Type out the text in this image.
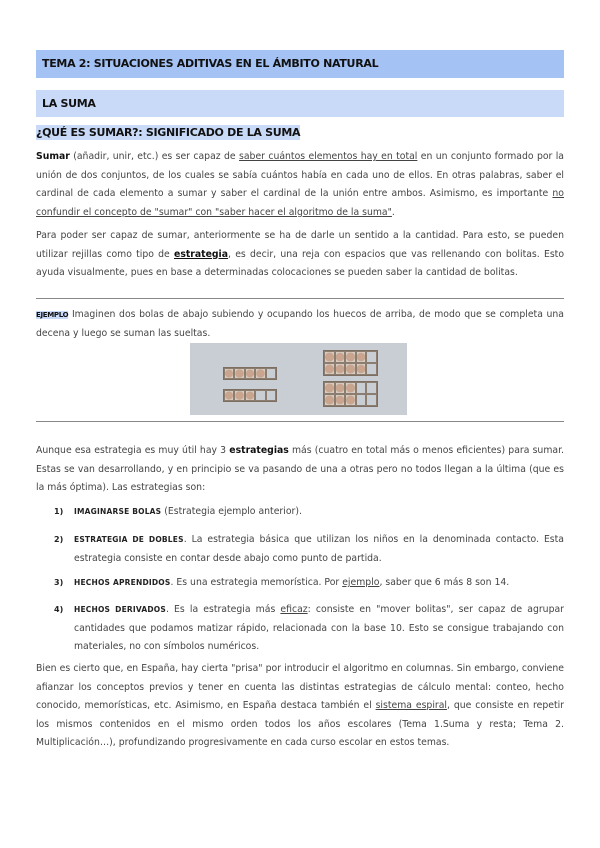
TEMA 2: SITUACIONES ADITIVAS EN EL ÁMBITO NATURAL
LA SUMA
¿QUÉ ES SUMAR?: SIGNIFICADO DE LA SUMA
Sumar (añadir, unir, etc.) es ser capaz de saber cuántos elementos hay en total en un conjunto formado por la unión de dos conjuntos, de los cuales se sabía cuántos había en cada uno de ellos. En otras palabras, saber el cardinal de cada elemento a sumar y saber el cardinal de la unión entre ambos. Asimismo, es importante no confundir el concepto de "sumar" con "saber hacer el algoritmo de la suma".
Para poder ser capaz de sumar, anteriormente se ha de darle un sentido a la cantidad. Para esto, se pueden utilizar rejillas como tipo de estrategia, es decir, una reja con espacios que vas rellenando con bolitas. Esto ayuda visualmente, pues en base a determinadas colocaciones se pueden saber la cantidad de bolitas.
EJEMPLO Imaginen dos bolas de abajo subiendo y ocupando los huecos de arriba, de modo que se completa una decena y luego se suman las sueltas.
Aunque esa estrategia es muy útil hay 3 estrategias más (cuatro en total más o menos eficientes) para sumar. Estas se van desarrollando, y en principio se va pasando de una a otras pero no todos llegan a la última (que es la más óptima). Las estrategias son:
1) IMAGINARSE BOLAS (Estrategia ejemplo anterior).
2) ESTRATEGIA DE DOBLES. La estrategia básica que utilizan los niños en la denominada contacto. Esta estrategia consiste en contar desde abajo como punto de partida.
3) HECHOS APRENDIDOS. Es una estrategia memorística. Por ejemplo, saber que 6 más 8 son 14.
4) HECHOS DERIVADOS. Es la estrategia más eficaz: consiste en "mover bolitas", ser capaz de agrupar cantidades que podamos matizar rápido, relacionada con la base 10. Esto se consigue trabajando con materiales, no con símbolos numéricos.
Bien es cierto que, en España, hay cierta "prisa" por introducir el algoritmo en columnas. Sin embargo, conviene afianzar los conceptos previos y tener en cuenta las distintas estrategias de cálculo mental: conteo, hecho conocido, memorísticas, etc. Asimismo, en España destaca también el sistema espiral, que consiste en repetir los mismos contenidos en el mismo orden todos los años escolares (Tema 1.Suma y resta; Tema 2. Multiplicación…), profundizando progresivamente en cada curso escolar en estos temas.
